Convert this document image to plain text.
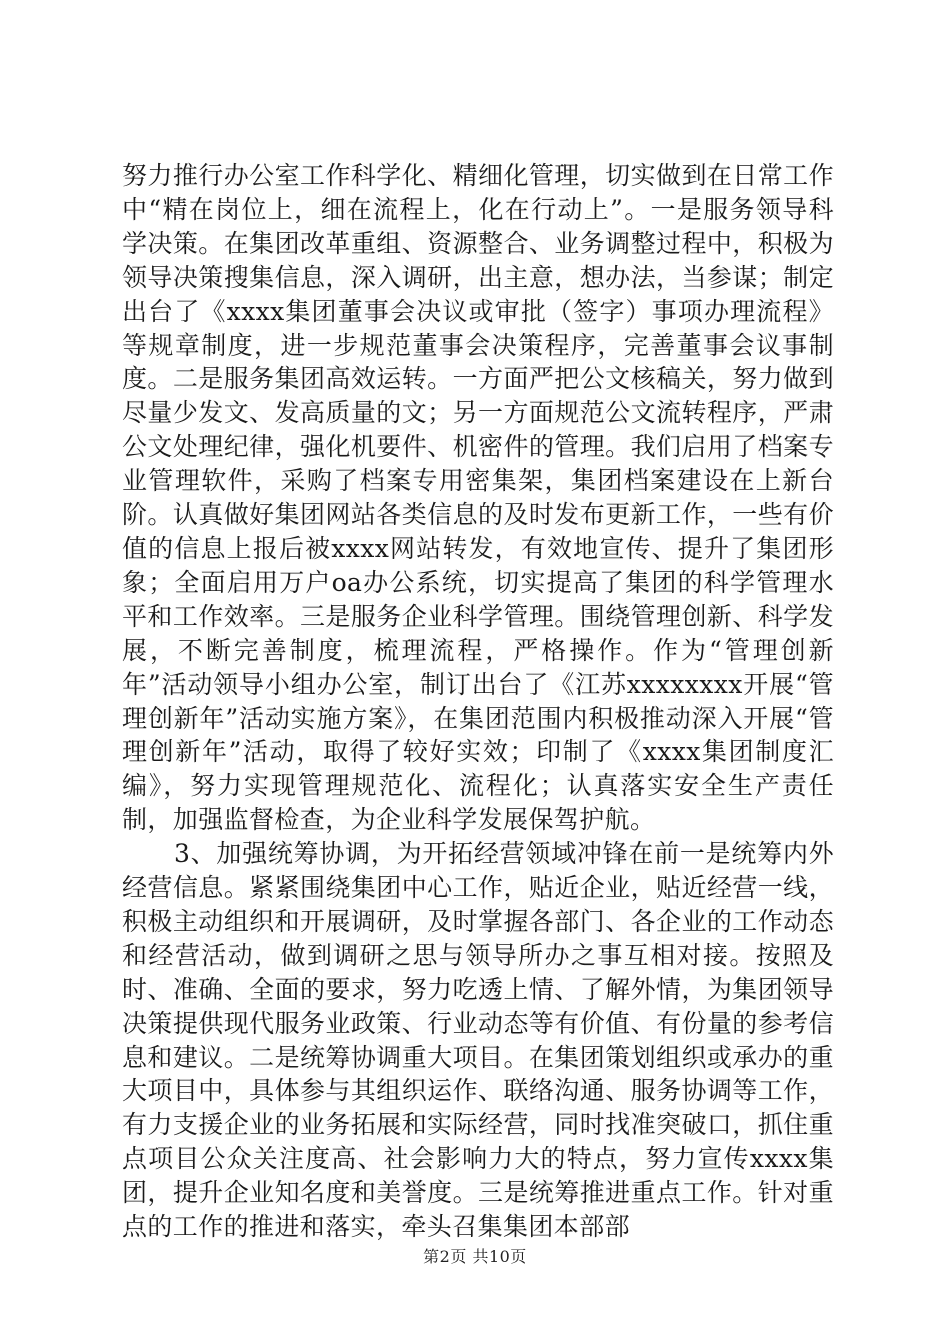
努力推行办公室工作科学化、精细化管理，切实做到在日常工作中“精在岗位上，细在流程上，化在行动上”。一是服务领导科学决策。在集团改革重组、资源整合、业务调整过程中，积极为领导决策搜集信息，深入调研，出主意，想办法，当参谋；制定出台了《xxxx集团董事会决议或审批（签字）事项办理流程》等规章制度，进一步规范董事会决策程序，完善董事会议事制度。二是服务集团高效运转。一方面严把公文核稿关，努力做到尽量少发文、发高质量的文；另一方面规范公文流转程序，严肃公文处理纪律，强化机要件、机密件的管理。我们启用了档案专业管理软件，采购了档案专用密集架，集团档案建设在上新台阶。认真做好集团网站各类信息的及时发布更新工作，一些有价值的信息上报后被xxxx网站转发，有效地宣传、提升了集团形象；全面启用万户oa办公系统，切实提高了集团的科学管理水平和工作效率。三是服务企业科学管理。围绕管理创新、科学发展，不断完善制度，梳理流程，严格操作。作为“管理创新年”活动领导小组办公室，制订出台了《江苏xxxxxxxx开展“管理创新年”活动实施方案》，在集团范围内积极推动深入开展“管理创新年”活动，取得了较好实效；印制了《xxxx集团制度汇编》，努力实现管理规范化、流程化；认真落实安全生产责任制，加强监督检查，为企业科学发展保驾护航。

3、加强统筹协调，为开拓经营领域冲锋在前一是统筹内外经营信息。紧紧围绕集团中心工作，贴近企业，贴近经营一线，积极主动组织和开展调研，及时掌握各部门、各企业的工作动态和经营活动，做到调研之思与领导所办之事互相对接。按照及时、准确、全面的要求，努力吃透上情、了解外情，为集团领导决策提供现代服务业政策、行业动态等有价值、有份量的参考信息和建议。二是统筹协调重大项目。在集团策划组织或承办的重大项目中，具体参与其组织运作、联络沟通、服务协调等工作，有力支援企业的业务拓展和实际经营，同时找准突破口，抓住重点项目公众关注度高、社会影响力大的特点，努力宣传xxxx集团，提升企业知名度和美誉度。三是统筹推进重点工作。针对重点的工作的推进和落实，牵头召集集团本部部

第2页 共10页
